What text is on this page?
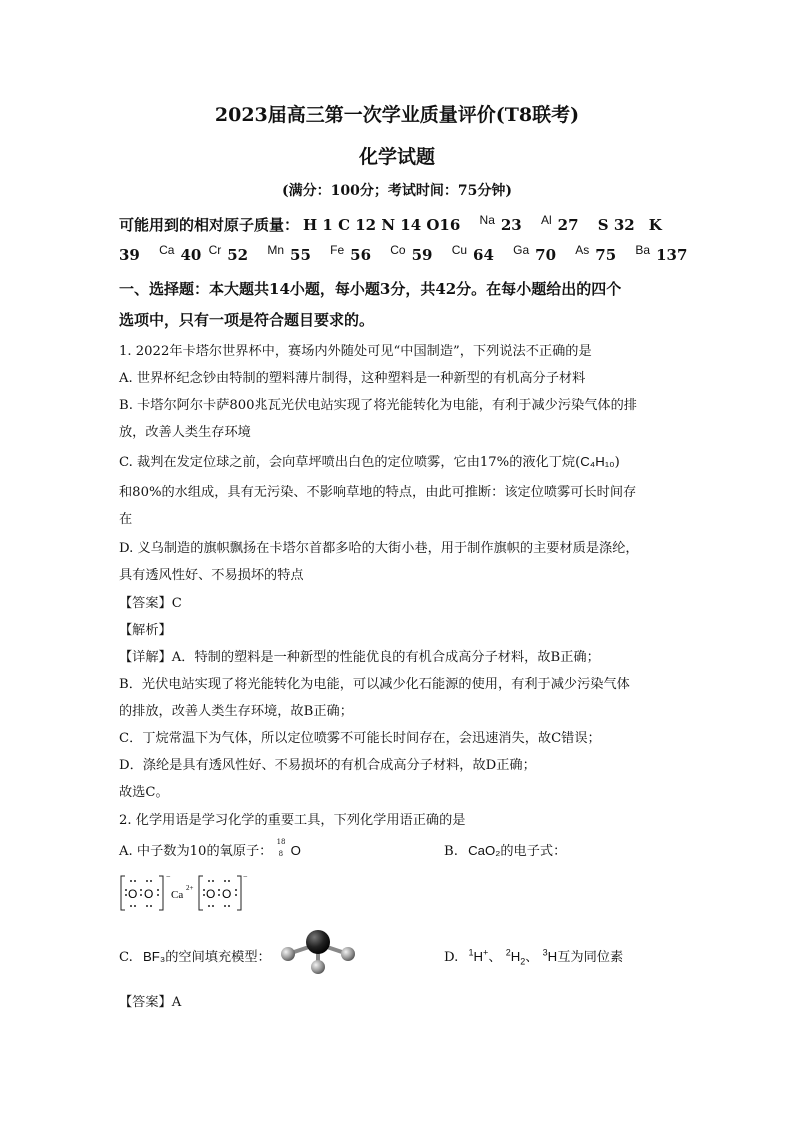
2023届高三第一次学业质量评价(T8联考)
化学试题
(满分：100分；考试时间：75分钟)
可能用到的相对原子质量： H 1 C 12 N 14 O16 Na 23 Al 27 S 32 K
39 Ca 40 Cr 52 Mn 55 Fe 56 Co 59 Cu 64 Ga 70 As 75 Ba 137
一、选择题：本大题共14小题，每小题3分，共42分。在每小题给出的四个
选项中，只有一项是符合题目要求的。
1. 2022年卡塔尔世界杯中，赛场内外随处可见“中国制造”，下列说法不正确的是
A. 世界杯纪念钞由特制的塑料薄片制得，这种塑料是一种新型的有机高分子材料
B. 卡塔尔阿尔卡萨800兆瓦光伏电站实现了将光能转化为电能，有利于减少污染气体的排
放，改善人类生存环境
C. 裁判在发定位球之前，会向草坪喷出白色的定位喷雾，它由17%的液化丁烷(C₄H₁₀)
和80%的水组成，具有无污染、不影响草地的特点，由此可推断：该定位喷雾可长时间存
在
D. 义乌制造的旗帜飘扬在卡塔尔首都多哈的大街小巷，用于制作旗帜的主要材质是涤纶，
具有透风性好、不易损坏的特点
【答案】C
【解析】
【详解】A．特制的塑料是一种新型的性能优良的有机合成高分子材料，故B正确；
B．光伏电站实现了将光能转化为电能，可以减少化石能源的使用，有利于减少污染气体
的排放，改善人类生存环境，故B正确；
C．丁烷常温下为气体，所以定位喷雾不可能长时间存在，会迅速消失，故C错误；
D．涤纶是具有透风性好、不易损坏的有机合成高分子材料，故D正确；
故选C。
2. 化学用语是学习化学的重要工具，下列化学用语正确的是
A. 中子数为10的氧原子：
18
8 O	B. CaO₂的电子式：
−
O O Ca
2+
−
O O
C. BF₃的空间填充模型：	D. $^1$H+、 $^2H_2$、 $^3$H互为同位素
【答案】A
